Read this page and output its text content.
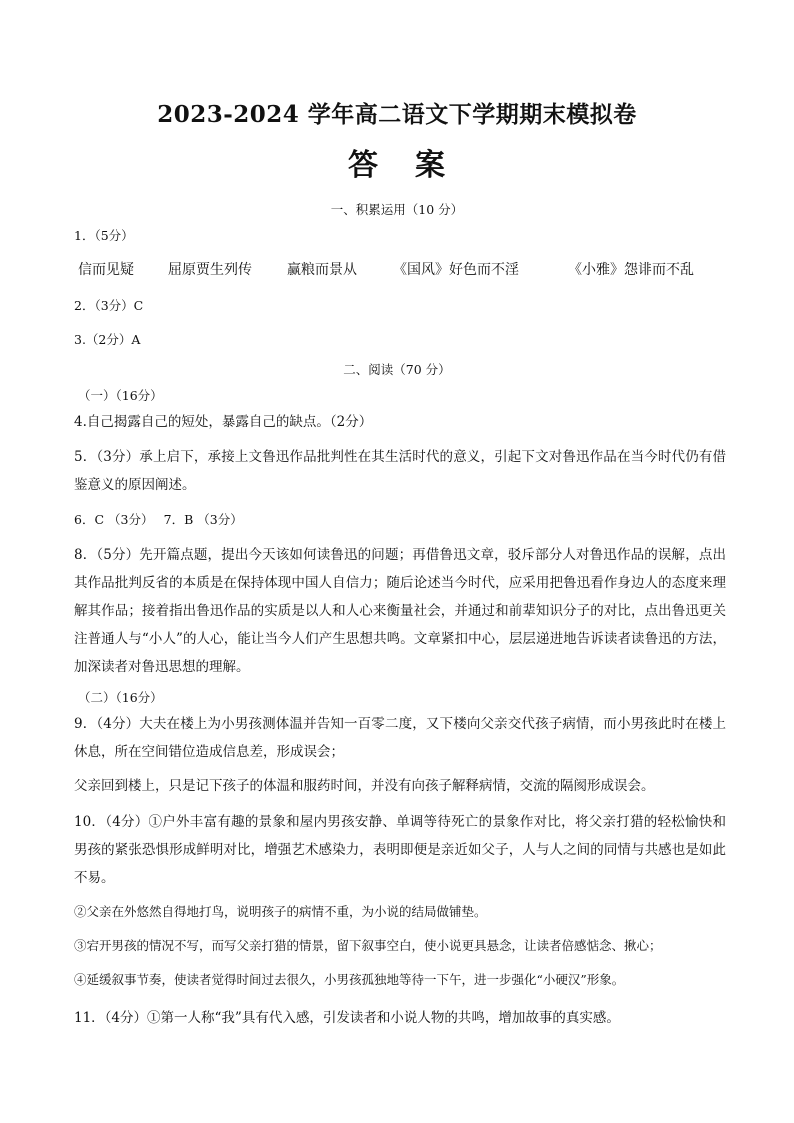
2023-2024 学年高二语文下学期期末模拟卷
答 案
一、积累运用（10 分）
1．（5分）
信而见疑 屈原贾生列传	赢粮而景从	《国风》好色而不淫	《小雅》怨诽而不乱
2．（3分）C
3.（2分）A
二、阅读（70 分）
（一）（16分）
4.自己揭露自己的短处，暴露自己的缺点。（2分）
5．（3分）承上启下，承接上文鲁迅作品批判性在其生活时代的意义，引起下文对鲁迅作品在当今时代仍有借鉴意义的原因阐述。
6．C （3分）　 7．B （3分）
8．（5分）先开篇点题，提出今天该如何读鲁迅的问题；再借鲁迅文章，驳斥部分人对鲁迅作品的误解，点出其作品批判反省的本质是在保持体现中国人自信力；随后论述当今时代，应采用把鲁迅看作身边人的态度来理解其作品；接着指出鲁迅作品的实质是以人和人心来衡量社会，并通过和前辈知识分子的对比，点出鲁迅更关注普通人与“小人”的人心，能让当今人们产生思想共鸣。文章紧扣中心，层层递进地告诉读者读鲁迅的方法，加深读者对鲁迅思想的理解。
（二）（16分）
9．（4分）大夫在楼上为小男孩测体温并告知一百零二度，又下楼向父亲交代孩子病情，而小男孩此时在楼上休息，所在空间错位造成信息差，形成误会；
父亲回到楼上，只是记下孩子的体温和服药时间，并没有向孩子解释病情，交流的隔阂形成误会。
10．（4分）①户外丰富有趣的景象和屋内男孩安静、单调等待死亡的景象作对比，将父亲打猎的轻松愉快和男孩的紧张恐惧形成鲜明对比，增强艺术感染力，表明即便是亲近如父子，人与人之间的同情与共感也是如此不易。
②父亲在外悠然自得地打鸟，说明孩子的病情不重，为小说的结局做铺垫。
③宕开男孩的情况不写，而写父亲打猎的情景，留下叙事空白，使小说更具悬念，让读者倍感惦念、揪心；
④延缓叙事节奏，使读者觉得时间过去很久，小男孩孤独地等待一下午，进一步强化“小硬汉”形象。
11．（4分）①第一人称“我”具有代入感，引发读者和小说人物的共鸣，增加故事的真实感。
